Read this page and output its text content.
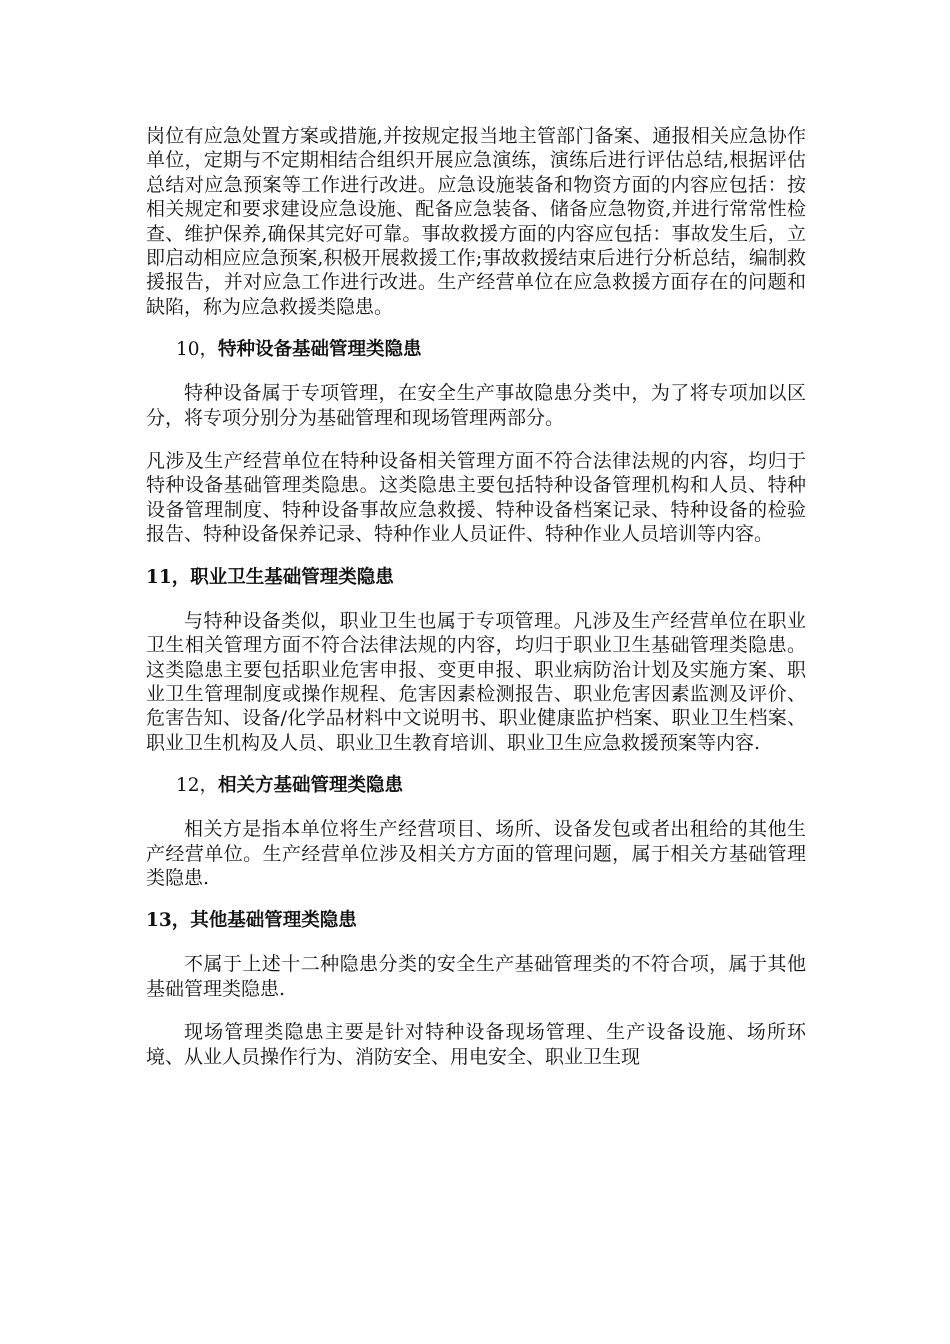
岗位有应急处置方案或措施,并按规定报当地主管部门备案、通报相关应急协作单位，定期与不定期相结合组织开展应急演练，演练后进行评估总结,根据评估总结对应急预案等工作进行改进。应急设施装备和物资方面的内容应包括：按相关规定和要求建设应急设施、配备应急装备、储备应急物资,并进行常常性检查、维护保养,确保其完好可靠。事故救援方面的内容应包括：事故发生后，立即启动相应应急预案,积极开展救援工作;事故救援结束后进行分析总结，编制救援报告，并对应急工作进行改进。生产经营单位在应急救援方面存在的问题和缺陷，称为应急救援类隐患。

10，特种设备基础管理类隐患

特种设备属于专项管理，在安全生产事故隐患分类中，为了将专项加以区分，将专项分别分为基础管理和现场管理两部分。

凡涉及生产经营单位在特种设备相关管理方面不符合法律法规的内容，均归于特种设备基础管理类隐患。这类隐患主要包括特种设备管理机构和人员、特种设备管理制度、特种设备事故应急救援、特种设备档案记录、特种设备的检验报告、特种设备保养记录、特种作业人员证件、特种作业人员培训等内容。

11，职业卫生基础管理类隐患

与特种设备类似，职业卫生也属于专项管理。凡涉及生产经营单位在职业卫生相关管理方面不符合法律法规的内容，均归于职业卫生基础管理类隐患。这类隐患主要包括职业危害申报、变更申报、职业病防治计划及实施方案、职业卫生管理制度或操作规程、危害因素检测报告、职业危害因素监测及评价、危害告知、设备/化学品材料中文说明书、职业健康监护档案、职业卫生档案、职业卫生机构及人员、职业卫生教育培训、职业卫生应急救援预案等内容.

12，相关方基础管理类隐患

相关方是指本单位将生产经营项目、场所、设备发包或者出租给的其他生产经营单位。生产经营单位涉及相关方方面的管理问题，属于相关方基础管理类隐患.

13，其他基础管理类隐患

不属于上述十二种隐患分类的安全生产基础管理类的不符合项，属于其他基础管理类隐患.

现场管理类隐患主要是针对特种设备现场管理、生产设备设施、场所环境、从业人员操作行为、消防安全、用电安全、职业卫生现
